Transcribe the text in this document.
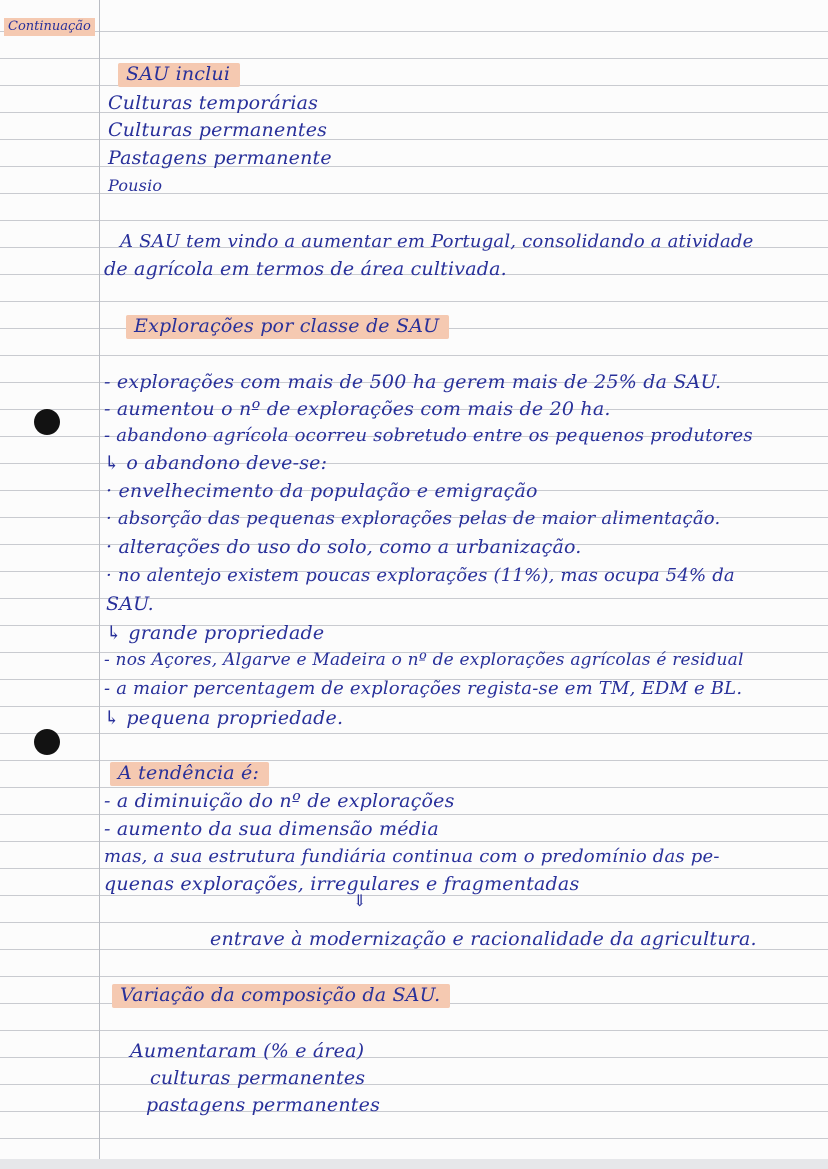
Continuação
SAU inclui
Culturas temporárias
Culturas permanentes
Pastagens permanente
Pousio
A SAU tem vindo a aumentar em Portugal, consolidando a atividade
de agrícola em termos de área cultivada.
Explorações por classe de SAU
- explorações com mais de 500 ha gerem mais de 25% da SAU.
- aumentou o nº de explorações com mais de 20 ha.
- abandono agrícola ocorreu sobretudo entre os pequenos produtores
↳ o abandono deve-se:
· envelhecimento da população e emigração
· absorção das pequenas explorações pelas de maior alimentação.
· alterações do uso do solo, como a urbanização.
· no alentejo existem poucas explorações (11%), mas ocupa 54% da
SAU.
↳ grande propriedade
- nos Açores, Algarve e Madeira o nº de explorações agrícolas é residual
- a maior percentagem de explorações regista-se em TM, EDM e BL.
↳ pequena propriedade.
A tendência é:
- a diminuição do nº de explorações
- aumento da sua dimensão média
mas, a sua estrutura fundiária continua com o predomínio das pe-
quenas explorações, irregulares e fragmentadas
⇓
entrave à modernização e racionalidade da agricultura.
Variação da composição da SAU.
Aumentaram (% e área)
culturas permanentes
pastagens permanentes
